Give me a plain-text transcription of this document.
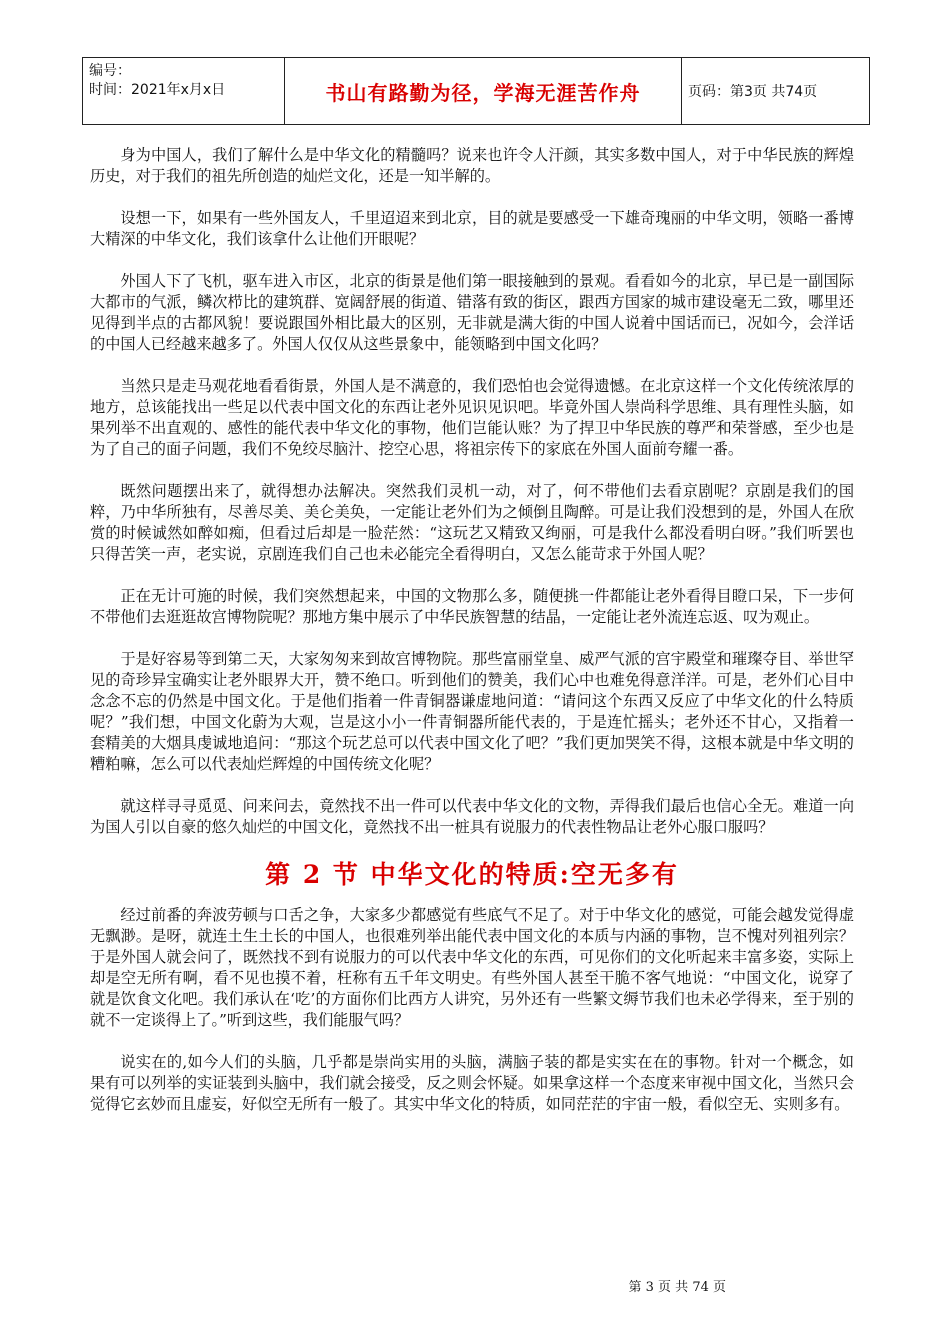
编号：
时间：2021年x月x日	书山有路勤为径，学海无涯苦作舟	页码：第3页 共74页

身为中国人，我们了解什么是中华文化的精髓吗？说来也许令人汗颜，其实多数中国人，对于中华民族的辉煌历史，对于我们的祖先所创造的灿烂文化，还是一知半解的。

设想一下，如果有一些外国友人，千里迢迢来到北京，目的就是要感受一下雄奇瑰丽的中华文明，领略一番博大精深的中华文化，我们该拿什么让他们开眼呢？

外国人下了飞机，驱车进入市区，北京的街景是他们第一眼接触到的景观。看看如今的北京，早已是一副国际大都市的气派，鳞次栉比的建筑群、宽阔舒展的街道、错落有致的街区，跟西方国家的城市建设毫无二致，哪里还见得到半点的古都风貌！要说跟国外相比最大的区别，无非就是满大街的中国人说着中国话而已，况如今，会洋话的中国人已经越来越多了。外国人仅仅从这些景象中，能领略到中国文化吗？

当然只是走马观花地看看街景，外国人是不满意的，我们恐怕也会觉得遗憾。在北京这样一个文化传统浓厚的地方，总该能找出一些足以代表中国文化的东西让老外见识见识吧。毕竟外国人崇尚科学思维、具有理性头脑，如果列举不出直观的、感性的能代表中华文化的事物，他们岂能认账？为了捍卫中华民族的尊严和荣誉感，至少也是为了自己的面子问题，我们不免绞尽脑汁、挖空心思，将祖宗传下的家底在外国人面前夸耀一番。

既然问题摆出来了，就得想办法解决。突然我们灵机一动，对了，何不带他们去看京剧呢？京剧是我们的国粹，乃中华所独有，尽善尽美、美仑美奂，一定能让老外们为之倾倒且陶醉。可是让我们没想到的是，外国人在欣赏的时候诚然如醉如痴，但看过后却是一脸茫然：“这玩艺又精致又绚丽，可是我什么都没看明白呀。”我们听罢也只得苦笑一声，老实说，京剧连我们自己也未必能完全看得明白，又怎么能苛求于外国人呢？

正在无计可施的时候，我们突然想起来，中国的文物那么多，随便挑一件都能让老外看得目瞪口呆，下一步何不带他们去逛逛故宫博物院呢？那地方集中展示了中华民族智慧的结晶，一定能让老外流连忘返、叹为观止。

于是好容易等到第二天，大家匆匆来到故宫博物院。那些富丽堂皇、威严气派的宫宇殿堂和璀璨夺目、举世罕见的奇珍异宝确实让老外眼界大开，赞不绝口。听到他们的赞美，我们心中也难免得意洋洋。可是，老外们心目中念念不忘的仍然是中国文化。于是他们指着一件青铜器谦虚地问道：“请问这个东西又反应了中华文化的什么特质呢？”我们想，中国文化蔚为大观，岂是这小小一件青铜器所能代表的，于是连忙摇头；老外还不甘心，又指着一套精美的大烟具虔诚地追问：“那这个玩艺总可以代表中国文化了吧？”我们更加哭笑不得，这根本就是中华文明的糟粕嘛，怎么可以代表灿烂辉煌的中国传统文化呢？

就这样寻寻觅觅、问来问去，竟然找不出一件可以代表中华文化的文物，弄得我们最后也信心全无。难道一向为国人引以自豪的悠久灿烂的中国文化，竟然找不出一桩具有说服力的代表性物品让老外心服口服吗？

第 2 节 中华文化的特质:空无多有

经过前番的奔波劳顿与口舌之争，大家多少都感觉有些底气不足了。对于中华文化的感觉，可能会越发觉得虚无飘渺。是呀，就连土生土长的中国人，也很难列举出能代表中国文化的本质与内涵的事物，岂不愧对列祖列宗？于是外国人就会问了，既然找不到有说服力的可以代表中华文化的东西，可见你们的文化听起来丰富多姿，实际上却是空无所有啊，看不见也摸不着，枉称有五千年文明史。有些外国人甚至干脆不客气地说：“中国文化，说穿了就是饮食文化吧。我们承认在‘吃’的方面你们比西方人讲究，另外还有一些繁文缛节我们也未必学得来，至于别的就不一定谈得上了。”听到这些，我们能服气吗？

说实在的,如今人们的头脑，几乎都是崇尚实用的头脑，满脑子装的都是实实在在的事物。针对一个概念，如果有可以列举的实证装到头脑中，我们就会接受，反之则会怀疑。如果拿这样一个态度来审视中国文化，当然只会觉得它玄妙而且虚妄，好似空无所有一般了。其实中华文化的特质，如同茫茫的宇宙一般，看似空无、实则多有。

第 3 页 共 74 页
